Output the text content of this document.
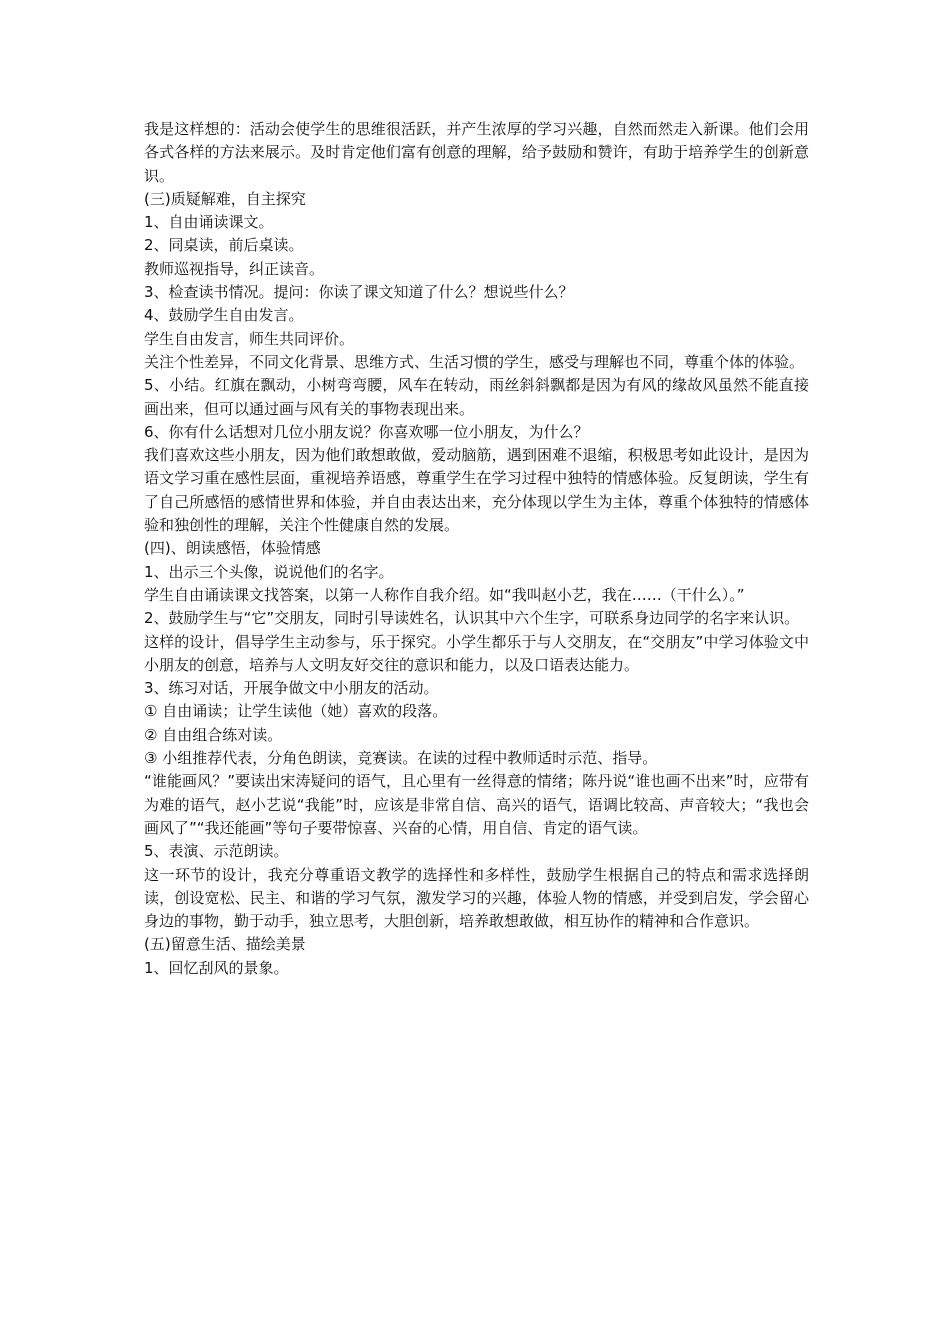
我是这样想的：活动会使学生的思维很活跃，并产生浓厚的学习兴趣，自然而然走入新课。他们会用各式各样的方法来展示。及时肯定他们富有创意的理解，给予鼓励和赞许，有助于培养学生的创新意识。

(三)质疑解难，自主探究

1、自由诵读课文。

2、同桌读，前后桌读。

教师巡视指导，纠正读音。

3、检查读书情况。提问：你读了课文知道了什么？想说些什么？

4、鼓励学生自由发言。

学生自由发言，师生共同评价。

关注个性差异，不同文化背景、思维方式、生活习惯的学生，感受与理解也不同，尊重个体的体验。

5、小结。红旗在飘动，小树弯弯腰，风车在转动，雨丝斜斜飘都是因为有风的缘故风虽然不能直接画出来，但可以通过画与风有关的事物表现出来。

6、你有什么话想对几位小朋友说？你喜欢哪一位小朋友，为什么？

我们喜欢这些小朋友，因为他们敢想敢做，爱动脑筋，遇到困难不退缩，积极思考如此设计，是因为语文学习重在感性层面，重视培养语感，尊重学生在学习过程中独特的情感体验。反复朗读，学生有了自己所感悟的感情世界和体验，并自由表达出来，充分体现以学生为主体，尊重个体独特的情感体验和独创性的理解，关注个性健康自然的发展。

(四)、朗读感悟，体验情感

1、出示三个头像，说说他们的名字。

学生自由诵读课文找答案，以第一人称作自我介绍。如“我叫赵小艺，我在……（干什么）。”

2、鼓励学生与“它”交朋友，同时引导读姓名，认识其中六个生字，可联系身边同学的名字来认识。

这样的设计，倡导学生主动参与，乐于探究。小学生都乐于与人交朋友，在“交朋友”中学习体验文中小朋友的创意，培养与人文明友好交往的意识和能力，以及口语表达能力。

3、练习对话，开展争做文中小朋友的活动。

① 自由诵读；让学生读他（她）喜欢的段落。

② 自由组合练对读。

③ 小组推荐代表，分角色朗读，竞赛读。在读的过程中教师适时示范、指导。

“谁能画风？”要读出宋涛疑问的语气，且心里有一丝得意的情绪；陈丹说“谁也画不出来”时，应带有为难的语气，赵小艺说“我能”时，应该是非常自信、高兴的语气，语调比较高、声音较大；“我也会画风了”“我还能画”等句子要带惊喜、兴奋的心情，用自信、肯定的语气读。

5、表演、示范朗读。

这一环节的设计，我充分尊重语文教学的选择性和多样性，鼓励学生根据自己的特点和需求选择朗读，创设宽松、民主、和谐的学习气氛，激发学习的兴趣，体验人物的情感，并受到启发，学会留心身边的事物，勤于动手，独立思考，大胆创新，培养敢想敢做，相互协作的精神和合作意识。

(五)留意生活、描绘美景

1、回忆刮风的景象。
